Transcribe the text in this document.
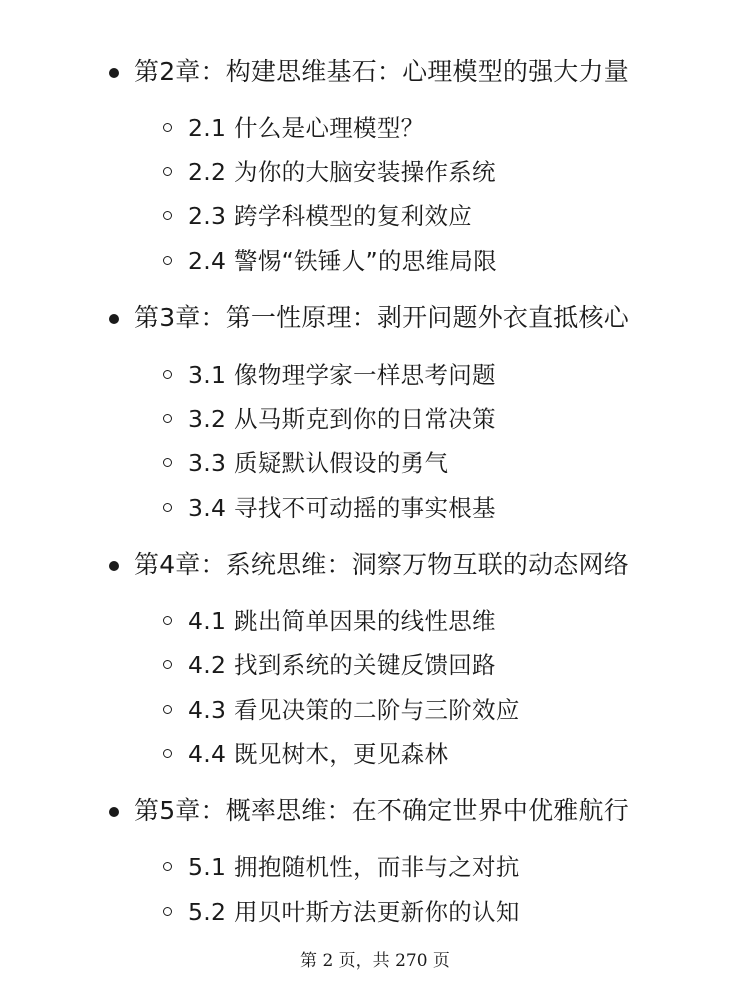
第2章：构建思维基石：心理模型的强大力量
2.1 什么是心理模型？
2.2 为你的大脑安装操作系统
2.3 跨学科模型的复利效应
2.4 警惕“铁锤人”的思维局限
第3章：第一性原理：剥开问题外衣直抵核心
3.1 像物理学家一样思考问题
3.2 从马斯克到你的日常决策
3.3 质疑默认假设的勇气
3.4 寻找不可动摇的事实根基
第4章：系统思维：洞察万物互联的动态网络
4.1 跳出简单因果的线性思维
4.2 找到系统的关键反馈回路
4.3 看见决策的二阶与三阶效应
4.4 既见树木，更见森林
第5章：概率思维：在不确定世界中优雅航行
5.1 拥抱随机性，而非与之对抗
5.2 用贝叶斯方法更新你的认知
第 2 页，共 270 页
